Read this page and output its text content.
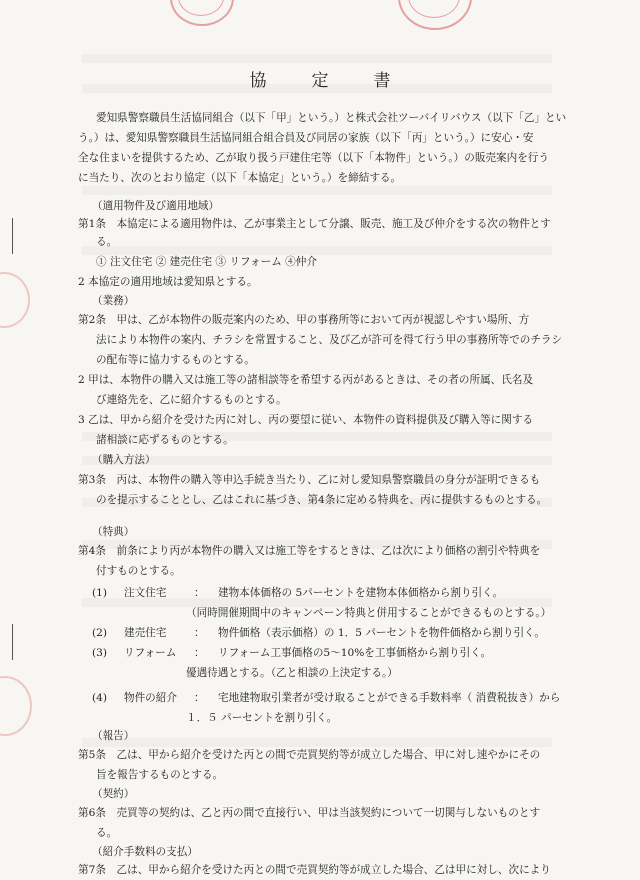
協　定　書
愛知県警察職員生活協同組合（以下「甲」という。）と株式会社ツーバイリバウス（以下「乙」とい
う。）は、愛知県警察職員生活協同組合組合員及び同居の家族（以下「丙」という。）に安心・安
全な住まいを提供するため、乙が取り扱う戸建住宅等（以下「本物件」という。）の販売案内を行う
に当たり、次のとおり協定（以下「本協定」という。）を締結する。
（適用物件及び適用地域）
第1条　本協定による適用物件は、乙が事業主として分譲、販売、施工及び仲介をする次の物件とす
る。
① 注文住宅 ② 建売住宅 ③ リフォーム ④仲介
2 本協定の適用地域は愛知県とする。
（業務）
第2条　甲は、乙が本物件の販売案内のため、甲の事務所等において丙が視認しやすい場所、方
法により本物件の案内、チラシを常置すること、及び乙が許可を得て行う甲の事務所等でのチラシ
の配布等に協力するものとする。
2 甲は、本物件の購入又は施工等の諸相談等を希望する丙があるときは、その者の所属、氏名及
び連絡先を、乙に紹介するものとする。
3 乙は、甲から紹介を受けた丙に対し、丙の要望に従い、本物件の資料提供及び購入等に関する
諸相談に応ずるものとする。
（購入方法）
第3条　丙は、本物件の購入等申込手続き当たり、乙に対し愛知県警察職員の身分が証明できるも
のを提示することとし、乙はこれに基づき、第4条に定める特典を、丙に提供するものとする。
（特典）
第4条　前条により丙が本物件の購入又は施工等をするときは、乙は次により価格の割引や特典を
付すものとする。
(1) 注文住宅	： 建物本体価格の 5パーセントを建物本体価格から割り引く。
（同時開催期間中のキャンペーン特典と併用することができるものとする。）
(2) 建売住宅	： 物件価格（表示価格）の 1．5 パーセントを物件価格から割り引く。
(3) リフォーム ： リフォーム工事価格の5～10%を工事価格から割り引く。
優遇待遇とする。（乙と相談の上決定する。）
(4) 物件の紹介 ： 宅地建物取引業者が受け取ることができる手数料率（ 消費税抜き）から
１．５ パーセントを割り引く。
（報告）
第5条　乙は、甲から紹介を受けた丙との間で売買契約等が成立した場合、甲に対し速やかにその
旨を報告するものとする。
（契約）
第6条　売買等の契約は、乙と丙の間で直接行い、甲は当該契約について一切関与しないものとす
る。
（紹介手数料の支払）
第7条　乙は、甲から紹介を受けた丙との間で売買契約等が成立した場合、乙は甲に対し、次により
